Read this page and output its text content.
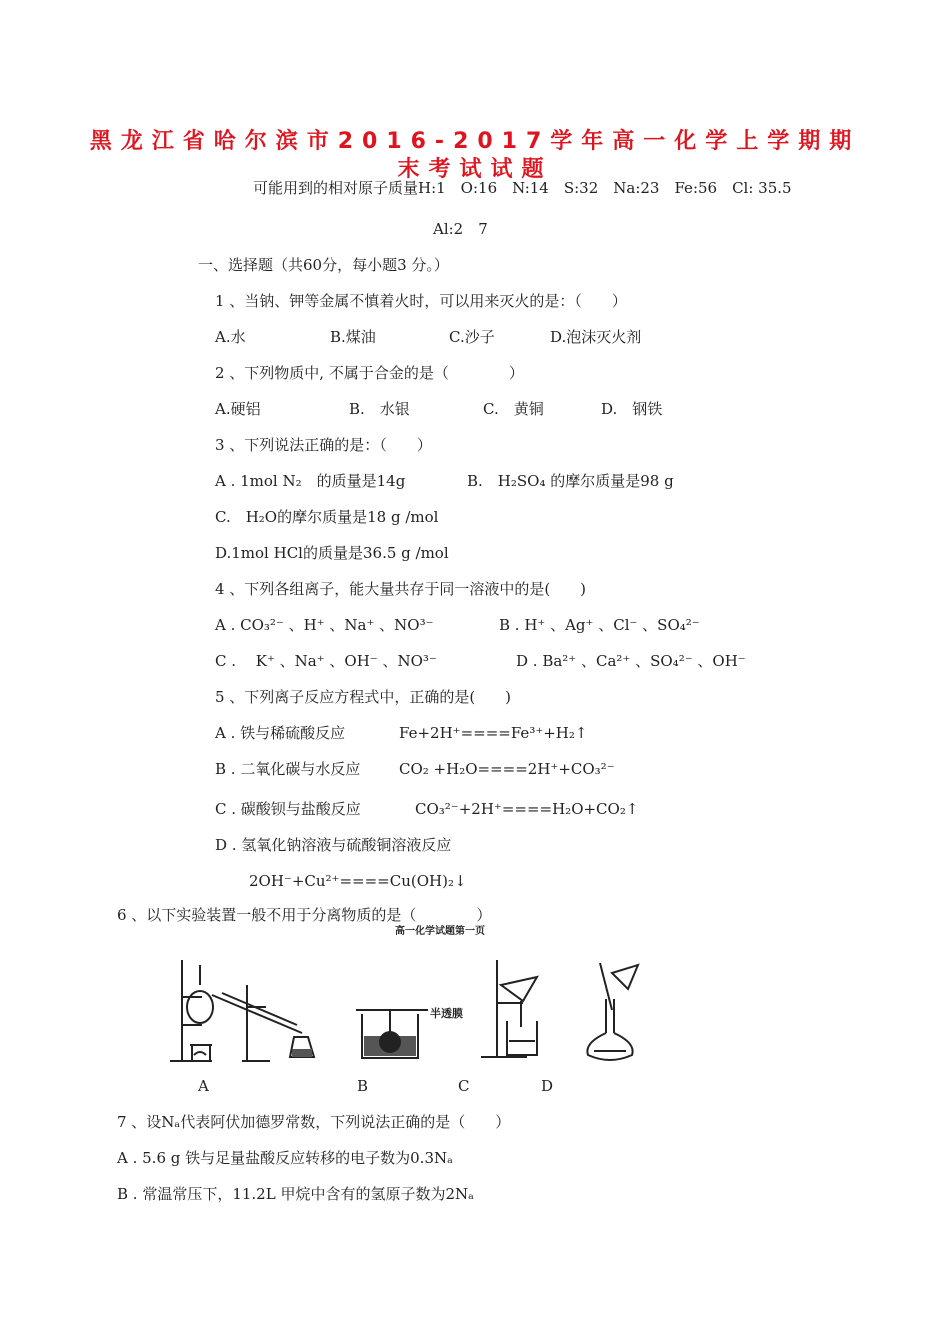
黑龙江省哈尔滨市2016-2017学年高一化学上学期期
末考试试题
可能用到的相对原子质量H:1　O:16　N:14　S:32　Na:23　Fe:56　Cl: 35.5
Al:2　7
一、选择题（共60分，每小题3 分。）
1 、当钠、钾等金属不慎着火时，可以用来灭火的是：（　　）
A.水	B.煤油	C.沙子	D.泡沫灭火剂
2 、下列物质中, 不属于合金的是（　　　　）
A.硬铝	B.　水银	C.　黄铜	D.　钢铁
3 、下列说法正确的是：（　　）
A . 1mol N₂　的质量是14g	B.　H₂SO₄ 的摩尔质量是98 g
C.　H₂O的摩尔质量是18 g /mol
D.1mol HCl的质量是36.5 g /mol
4 、下列各组离子，能大量共存于同一溶液中的是(　　)
A . CO₃²⁻ 、H⁺ 、Na⁺ 、NO³⁻	B . H⁺ 、Ag⁺ 、Cl⁻ 、SO₄²⁻
C .　 K⁺ 、Na⁺ 、OH⁻ 、NO³⁻	D . Ba²⁺ 、Ca²⁺ 、SO₄²⁻ 、OH⁻
5 、下列离子反应方程式中，正确的是(　　)
A . 铁与稀硫酸反应	Fe+2H⁺====Fe³⁺+H₂↑
B . 二氧化碳与水反应	CO₂ +H₂O====2H⁺+CO₃²⁻
C . 碳酸钡与盐酸反应	CO₃²⁻+2H⁺====H₂O+CO₂↑
D . 氢氧化钠溶液与硫酸铜溶液反应
2OH⁻+Cu²⁺====Cu(OH)₂↓
6 、以下实验装置一般不用于分离物质的是（　　　　）
高一化学试题第一页
半透膜
A	B	C	D
7 、设Nₐ代表阿伏加德罗常数，下列说法正确的是（　　）
A . 5.6 g 铁与足量盐酸反应转移的电子数为0.3Nₐ
B . 常温常压下，11.2L 甲烷中含有的氢原子数为2Nₐ
